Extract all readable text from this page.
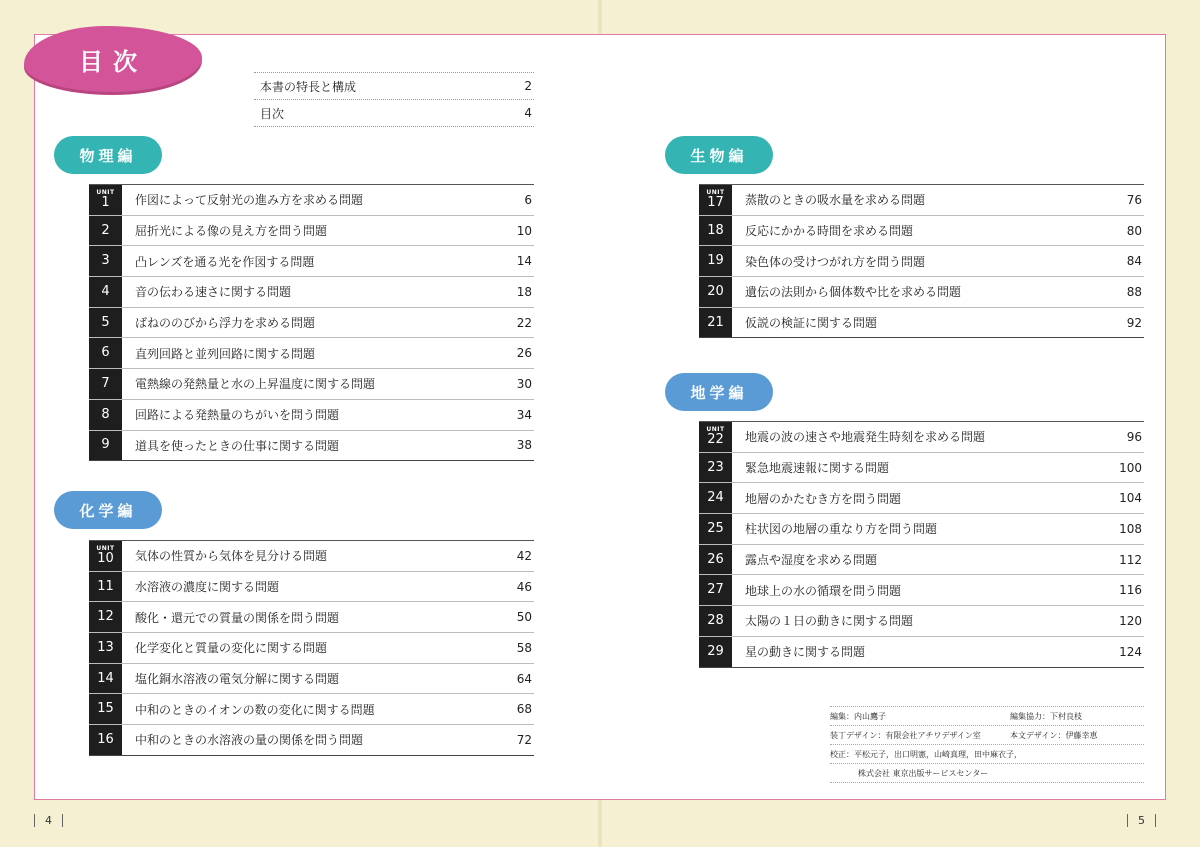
目次
本書の特長と構成	2
目次	4
物理編
UNIT
1	作図によって反射光の進み方を求める問題	6
2	屈折光による像の見え方を問う問題	10
3	凸レンズを通る光を作図する問題	14
4	音の伝わる速さに関する問題	18
5	ばねののびから浮力を求める問題	22
6	直列回路と並列回路に関する問題	26
7	電熱線の発熱量と水の上昇温度に関する問題	30
8	回路による発熱量のちがいを問う問題	34
9	道具を使ったときの仕事に関する問題	38
化学編
UNIT
10	気体の性質から気体を見分ける問題	42
11	水溶液の濃度に関する問題	46
12	酸化・還元での質量の関係を問う問題	50
13	化学変化と質量の変化に関する問題	58
14	塩化銅水溶液の電気分解に関する問題	64
15	中和のときのイオンの数の変化に関する問題	68
16	中和のときの水溶液の量の関係を問う問題	72
生物編
UNIT
17	蒸散のときの吸水量を求める問題	76
18	反応にかかる時間を求める問題	80
19	染色体の受けつがれ方を問う問題	84
20	遺伝の法則から個体数や比を求める問題	88
21	仮説の検証に関する問題	92
地学編
UNIT
22	地震の波の速さや地震発生時刻を求める問題	96
23	緊急地震速報に関する問題	100
24	地層のかたむき方を問う問題	104
25	柱状図の地層の重なり方を問う問題	108
26	露点や湿度を求める問題	112
27	地球上の水の循環を問う問題	116
28	太陽の１日の動きに関する問題	120
29	星の動きに関する問題	124
編集：内山鷹子	編集協力：下村良枝
装丁デザイン：有限会社アチワデザイン室	本文デザイン：伊藤幸恵
校正：平松元子，出口明憲，山崎真理，田中麻衣子，
株式会社 東京出版サービスセンター
4	5
